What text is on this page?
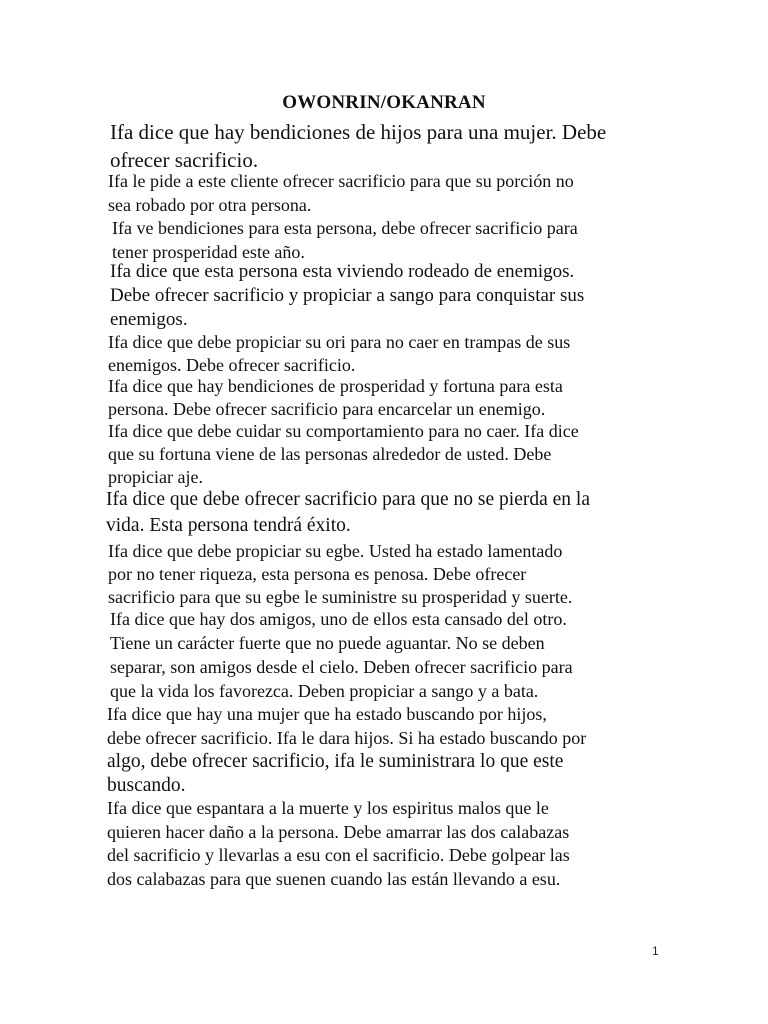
OWONRIN/OKANRAN

Ifa dice que hay bendiciones de hijos para una mujer. Debe
ofrecer sacrificio.

Ifa le pide a este cliente ofrecer sacrificio para que su porción no
sea robado por otra persona.

Ifa ve bendiciones para esta persona, debe ofrecer sacrificio para
tener prosperidad este año.

Ifa dice que esta persona esta viviendo rodeado de enemigos.
Debe ofrecer sacrificio y propiciar a sango para conquistar sus
enemigos.

Ifa dice que debe propiciar su ori para no caer en trampas de sus
enemigos. Debe ofrecer sacrificio.

Ifa dice que hay bendiciones de prosperidad y fortuna para esta
persona. Debe ofrecer sacrificio para encarcelar un enemigo.

Ifa dice que debe cuidar su comportamiento para no caer. Ifa dice
que su fortuna viene de las personas alrededor de usted. Debe
propiciar aje.

Ifa dice que debe ofrecer sacrificio para que no se pierda en la
vida. Esta persona tendrá éxito.

Ifa dice que debe propiciar su egbe. Usted ha estado lamentado
por no tener riqueza, esta persona es penosa. Debe ofrecer
sacrificio para que su egbe le suministre su prosperidad y suerte.

Ifa dice que hay dos amigos, uno de ellos esta cansado del otro.
Tiene un carácter fuerte que no puede aguantar. No se deben
separar, son amigos desde el cielo. Deben ofrecer sacrificio para
que la vida los favorezca. Deben propiciar a sango y a bata.

Ifa dice que hay una mujer que ha estado buscando por hijos,
debe ofrecer sacrificio. Ifa le dara hijos. Si ha estado buscando por
algo, debe ofrecer sacrificio, ifa le suministrara lo que este
buscando.

Ifa dice que espantara a la muerte y los espiritus malos que le
quieren hacer daño a la persona. Debe amarrar las dos calabazas
del sacrificio y llevarlas a esu con el sacrificio. Debe golpear las
dos calabazas para que suenen cuando las están llevando a esu.

1
